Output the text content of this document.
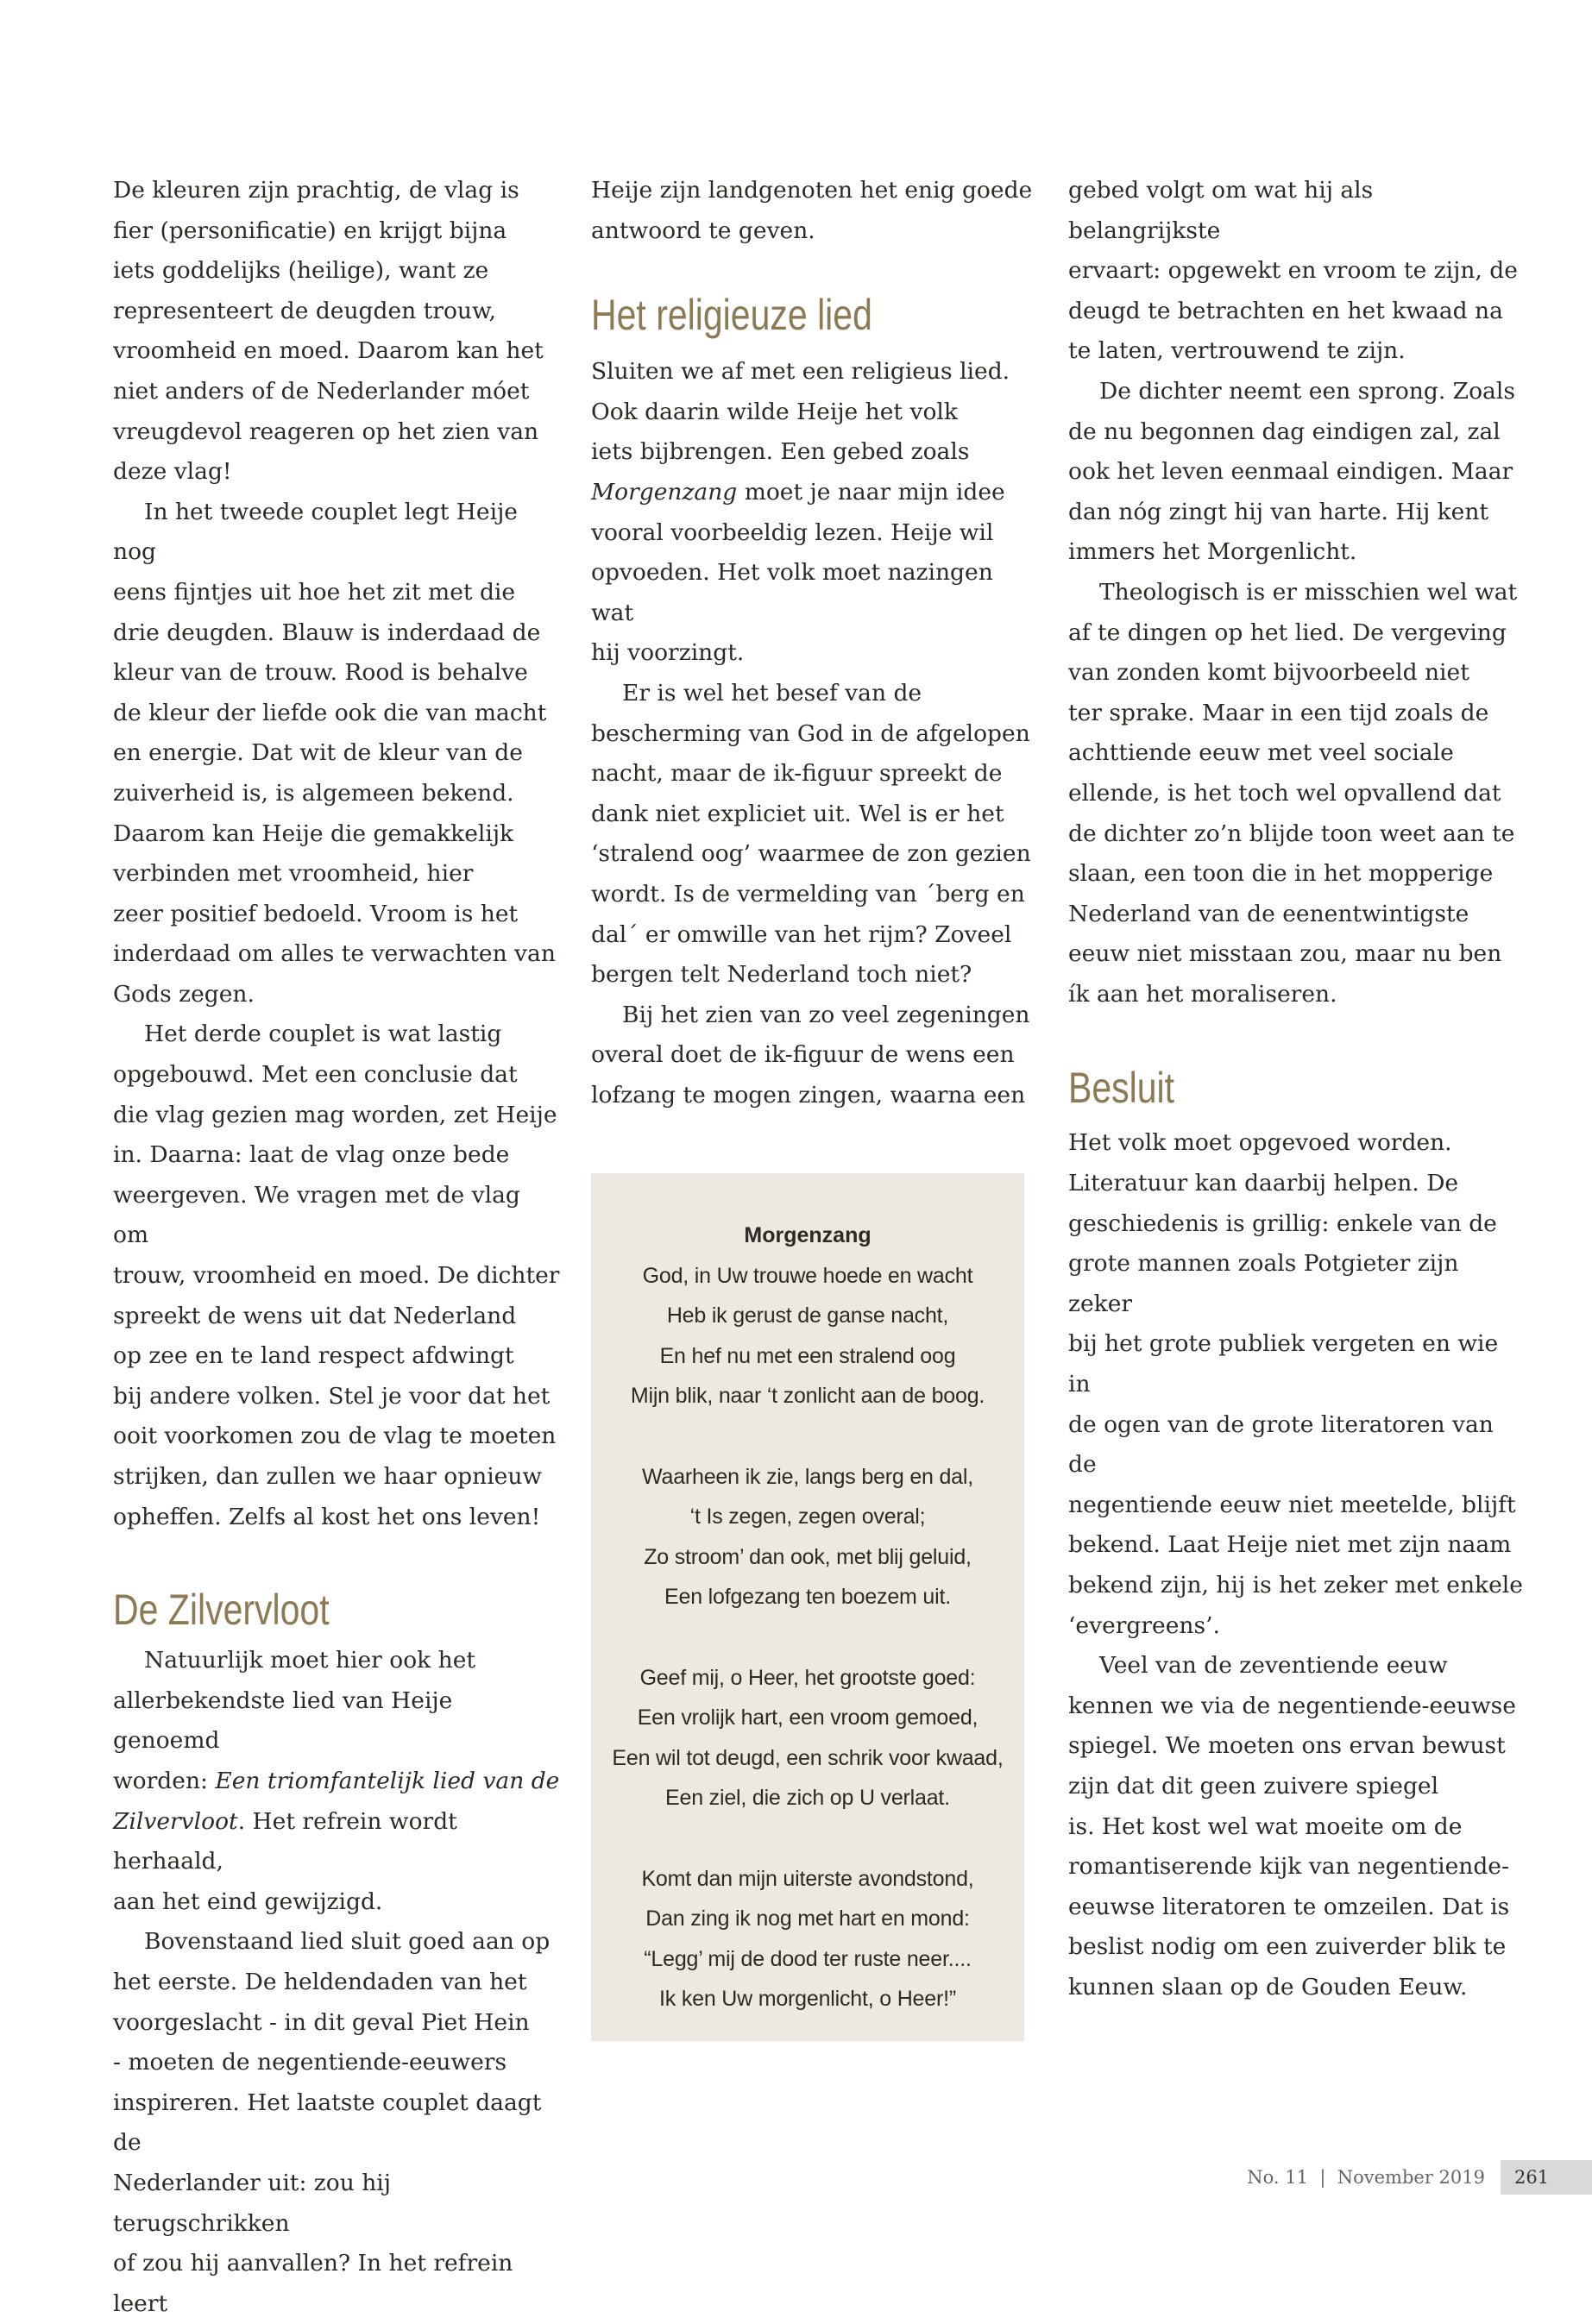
De kleuren zijn prachtig, de vlag is
fier (personificatie) en krijgt bijna
iets goddelijks (heilige), want ze
representeert de deugden trouw,
vroomheid en moed. Daarom kan het
niet anders of de Nederlander móet
vreugdevol reageren op het zien van
deze vlag!

In het tweede couplet legt Heije nog
eens fijntjes uit hoe het zit met die
drie deugden. Blauw is inderdaad de
kleur van de trouw. Rood is behalve
de kleur der liefde ook die van macht
en energie. Dat wit de kleur van de
zuiverheid is, is algemeen bekend.
Daarom kan Heije die gemakkelijk
verbinden met vroomheid, hier
zeer positief bedoeld. Vroom is het
inderdaad om alles te verwachten van
Gods zegen.

Het derde couplet is wat lastig
opgebouwd. Met een conclusie dat
die vlag gezien mag worden, zet Heije
in. Daarna: laat de vlag onze bede
weergeven. We vragen met de vlag om
trouw, vroomheid en moed. De dichter
spreekt de wens uit dat Nederland
op zee en te land respect afdwingt
bij andere volken. Stel je voor dat het
ooit voorkomen zou de vlag te moeten
strijken, dan zullen we haar opnieuw
opheffen. Zelfs al kost het ons leven!

De Zilvervloot

Natuurlijk moet hier ook het
allerbekendste lied van Heije genoemd
worden: Een triomfantelijk lied van de
Zilvervloot. Het refrein wordt herhaald,
aan het eind gewijzigd.

Bovenstaand lied sluit goed aan op
het eerste. De heldendaden van het
voorgeslacht - in dit geval Piet Hein
- moeten de negentiende-eeuwers
inspireren. Het laatste couplet daagt de
Nederlander uit: zou hij terugschrikken
of zou hij aanvallen? In het refrein leert

Heije zijn landgenoten het enig goede
antwoord te geven.

Het religieuze lied

Sluiten we af met een religieus lied.
Ook daarin wilde Heije het volk
iets bijbrengen. Een gebed zoals
Morgenzang moet je naar mijn idee
vooral voorbeeldig lezen. Heije wil
opvoeden. Het volk moet nazingen wat
hij voorzingt.

Er is wel het besef van de
bescherming van God in de afgelopen
nacht, maar de ik-figuur spreekt de
dank niet expliciet uit. Wel is er het
‘stralend oog’ waarmee de zon gezien
wordt. Is de vermelding van ´berg en
dal´ er omwille van het rijm? Zoveel
bergen telt Nederland toch niet?

Bij het zien van zo veel zegeningen
overal doet de ik-figuur de wens een
lofzang te mogen zingen, waarna een

Morgenzang
God, in Uw trouwe hoede en wacht
Heb ik gerust de ganse nacht,
En hef nu met een stralend oog
Mijn blik, naar ‘t zonlicht aan de boog.
Waarheen ik zie, langs berg en dal,
‘t Is zegen, zegen overal;
Zo stroom’ dan ook, met blij geluid,
Een lofgezang ten boezem uit.
Geef mij, o Heer, het grootste goed:
Een vrolijk hart, een vroom gemoed,
Een wil tot deugd, een schrik voor kwaad,
Een ziel, die zich op U verlaat.
Komt dan mijn uiterste avondstond,
Dan zing ik nog met hart en mond:
“Legg’ mij de dood ter ruste neer....
Ik ken Uw morgenlicht, o Heer!”

gebed volgt om wat hij als belangrijkste
ervaart: opgewekt en vroom te zijn, de
deugd te betrachten en het kwaad na
te laten, vertrouwend te zijn.

De dichter neemt een sprong. Zoals
de nu begonnen dag eindigen zal, zal
ook het leven eenmaal eindigen. Maar
dan nóg zingt hij van harte. Hij kent
immers het Morgenlicht.

Theologisch is er misschien wel wat
af te dingen op het lied. De vergeving
van zonden komt bijvoorbeeld niet
ter sprake. Maar in een tijd zoals de
achttiende eeuw met veel sociale
ellende, is het toch wel opvallend dat
de dichter zo’n blijde toon weet aan te
slaan, een toon die in het mopperige
Nederland van de eenentwintigste
eeuw niet misstaan zou, maar nu ben
ík aan het moraliseren.

Besluit

Het volk moet opgevoed worden.
Literatuur kan daarbij helpen. De
geschiedenis is grillig: enkele van de
grote mannen zoals Potgieter zijn zeker
bij het grote publiek vergeten en wie in
de ogen van de grote literatoren van de
negentiende eeuw niet meetelde, blijft
bekend. Laat Heije niet met zijn naam
bekend zijn, hij is het zeker met enkele
‘evergreens’.

Veel van de zeventiende eeuw
kennen we via de negentiende-eeuwse
spiegel. We moeten ons ervan bewust
zijn dat dit geen zuivere spiegel
is. Het kost wel wat moeite om de
romantiserende kijk van negentiende-
eeuwse literatoren te omzeilen. Dat is
beslist nodig om een zuiverder blik te
kunnen slaan op de Gouden Eeuw.

No. 11  |  November 2019	261
